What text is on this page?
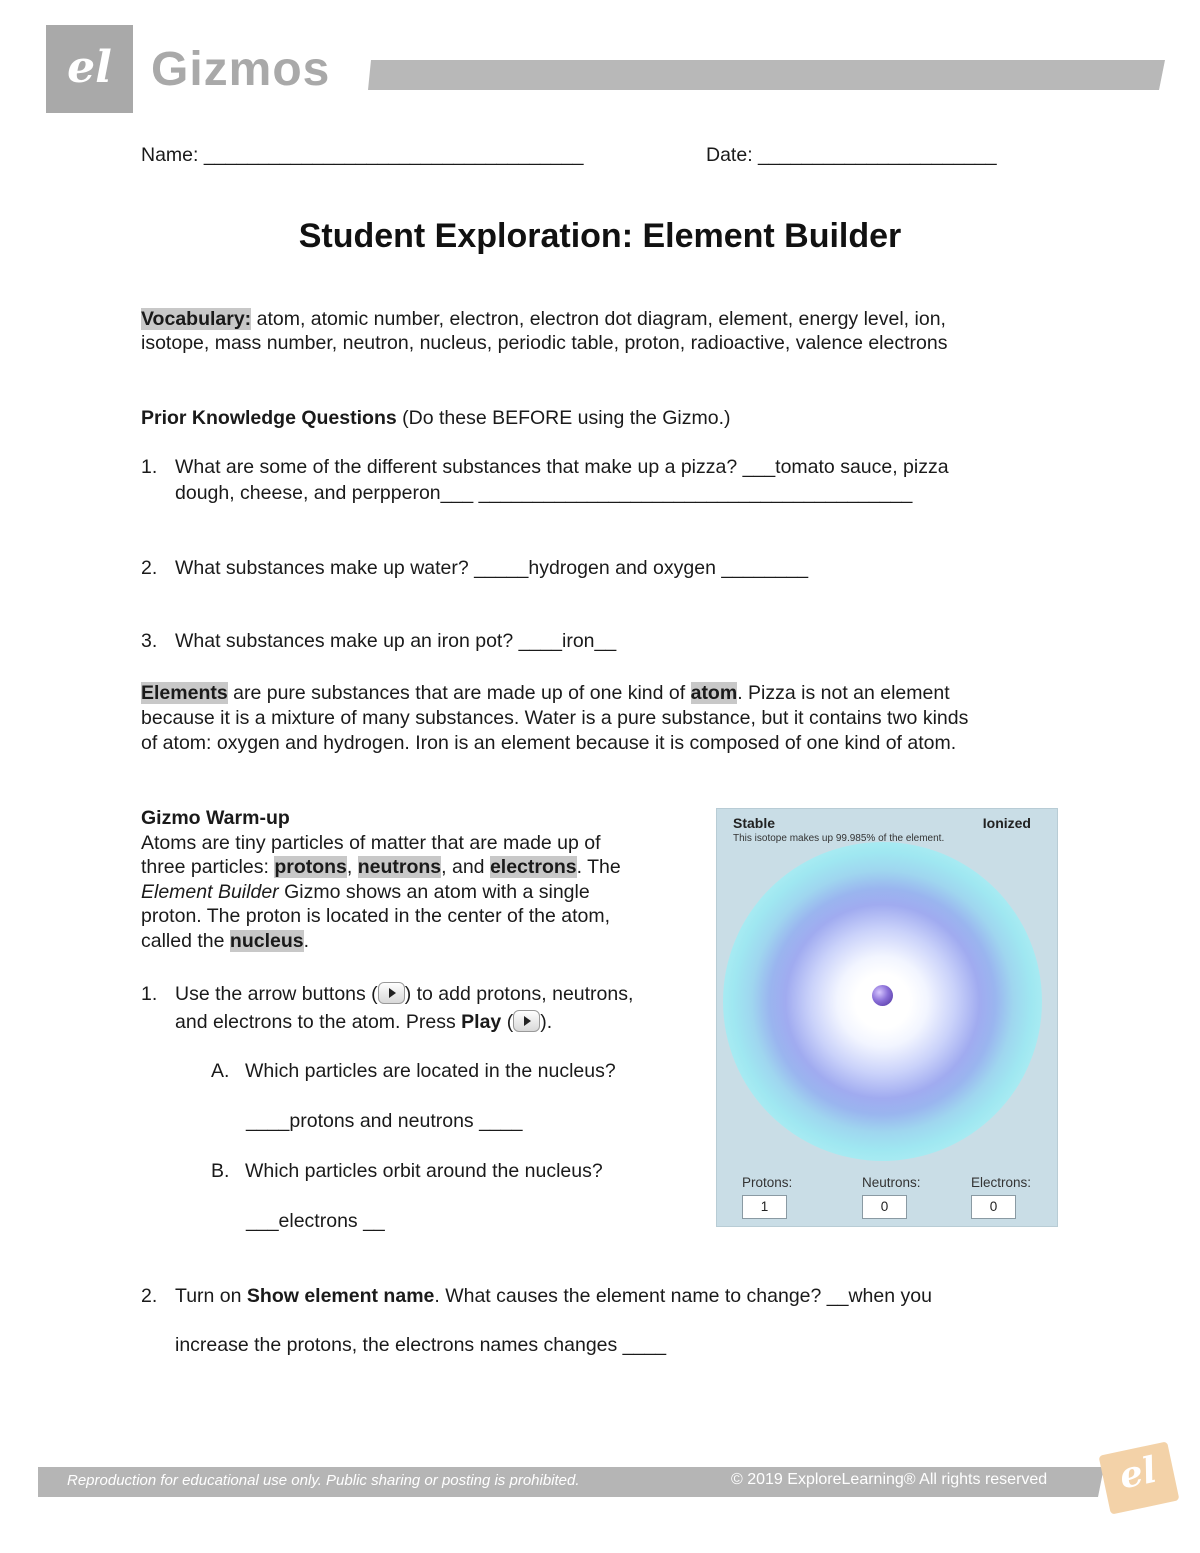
el Gizmos
Name: ___________________________________	Date: ______________________
Student Exploration: Element Builder
Vocabulary: atom, atomic number, electron, electron dot diagram, element, energy level, ion,
isotope, mass number, neutron, nucleus, periodic table, proton, radioactive, valence electrons
Prior Knowledge Questions (Do these BEFORE using the Gizmo.)
1. What are some of the different substances that make up a pizza? ___tomato sauce, pizza
dough, cheese, and perpperon___ ________________________________________
2. What substances make up water? _____hydrogen and oxygen ________
3. What substances make up an iron pot? ____iron__
Elements are pure substances that are made up of one kind of atom. Pizza is not an element
because it is a mixture of many substances. Water is a pure substance, but it contains two kinds
of atom: oxygen and hydrogen. Iron is an element because it is composed of one kind of atom.
Gizmo Warm-up
Atoms are tiny particles of matter that are made up of
three particles: protons, neutrons, and electrons. The
Element Builder Gizmo shows an atom with a single
proton. The proton is located in the center of the atom,
called the nucleus.
1. Use the arrow buttons ( ) to add protons, neutrons,
and electrons to the atom. Press Play ( ).
A. Which particles are located in the nucleus?
____protons and neutrons ____
B. Which particles orbit around the nucleus?
___electrons __
2. Turn on Show element name. What causes the element name to change? __when you
increase the protons, the electrons names changes ____
Stable	Ionized
This isotope makes up 99.985% of the element.
Protons:	Neutrons:	Electrons:
1	0	0
Reproduction for educational use only. Public sharing or posting is prohibited.	© 2019 ExploreLearning® All rights reserved	el
